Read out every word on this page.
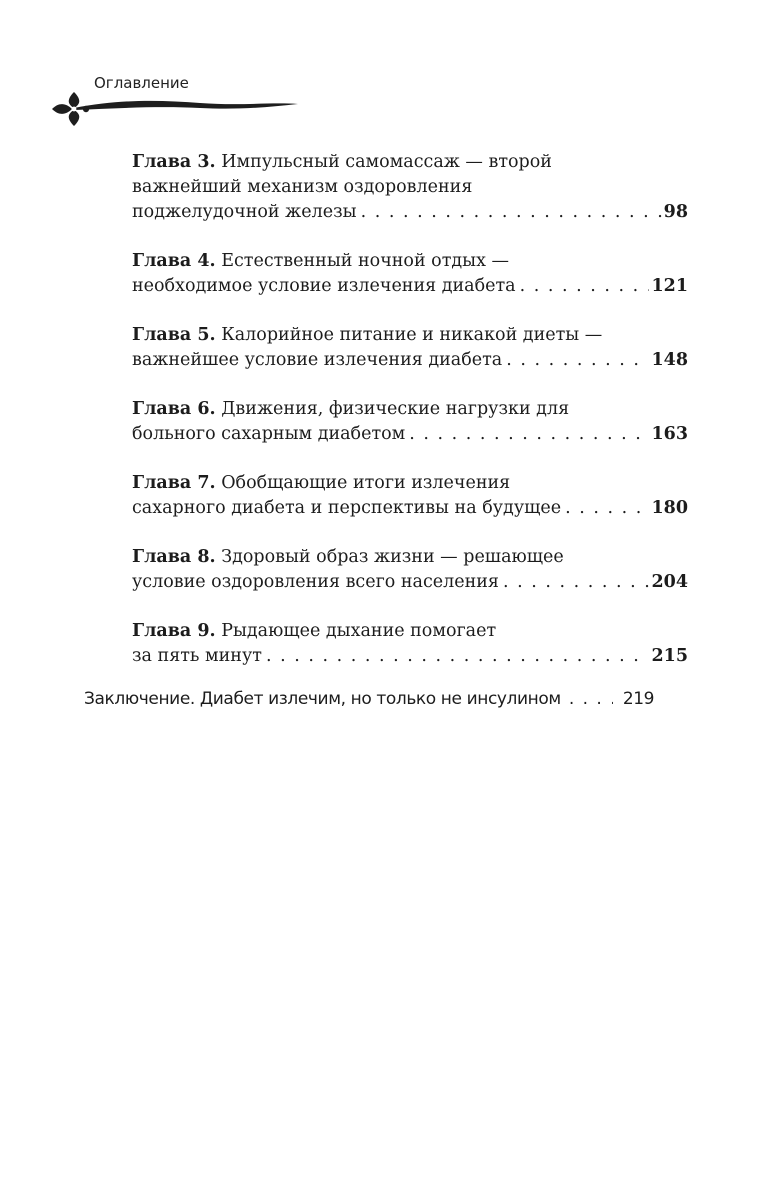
Оглавление
Глава 3. Импульсный самомассаж — второй
важнейший механизм оздоровления
поджелудочной железы . . .	98
Глава 4. Естественный ночной отдых —
необходимое условие излечения диабета . . .	121
Глава 5. Калорийное питание и никакой диеты —
важнейшее условие излечения диабета . . .	148
Глава 6. Движения, физические нагрузки для
больного сахарным диабетом . . .	163
Глава 7. Обобщающие итоги излечения
сахарного диабета и перспективы на будущее . . .	180
Глава 8. Здоровый образ жизни — решающее
условие оздоровления всего населения . . .	204
Глава 9. Рыдающее дыхание помогает
за пять минут . . .	215
Заключение. Диабет излечим, но только не инсулином . . .	219
